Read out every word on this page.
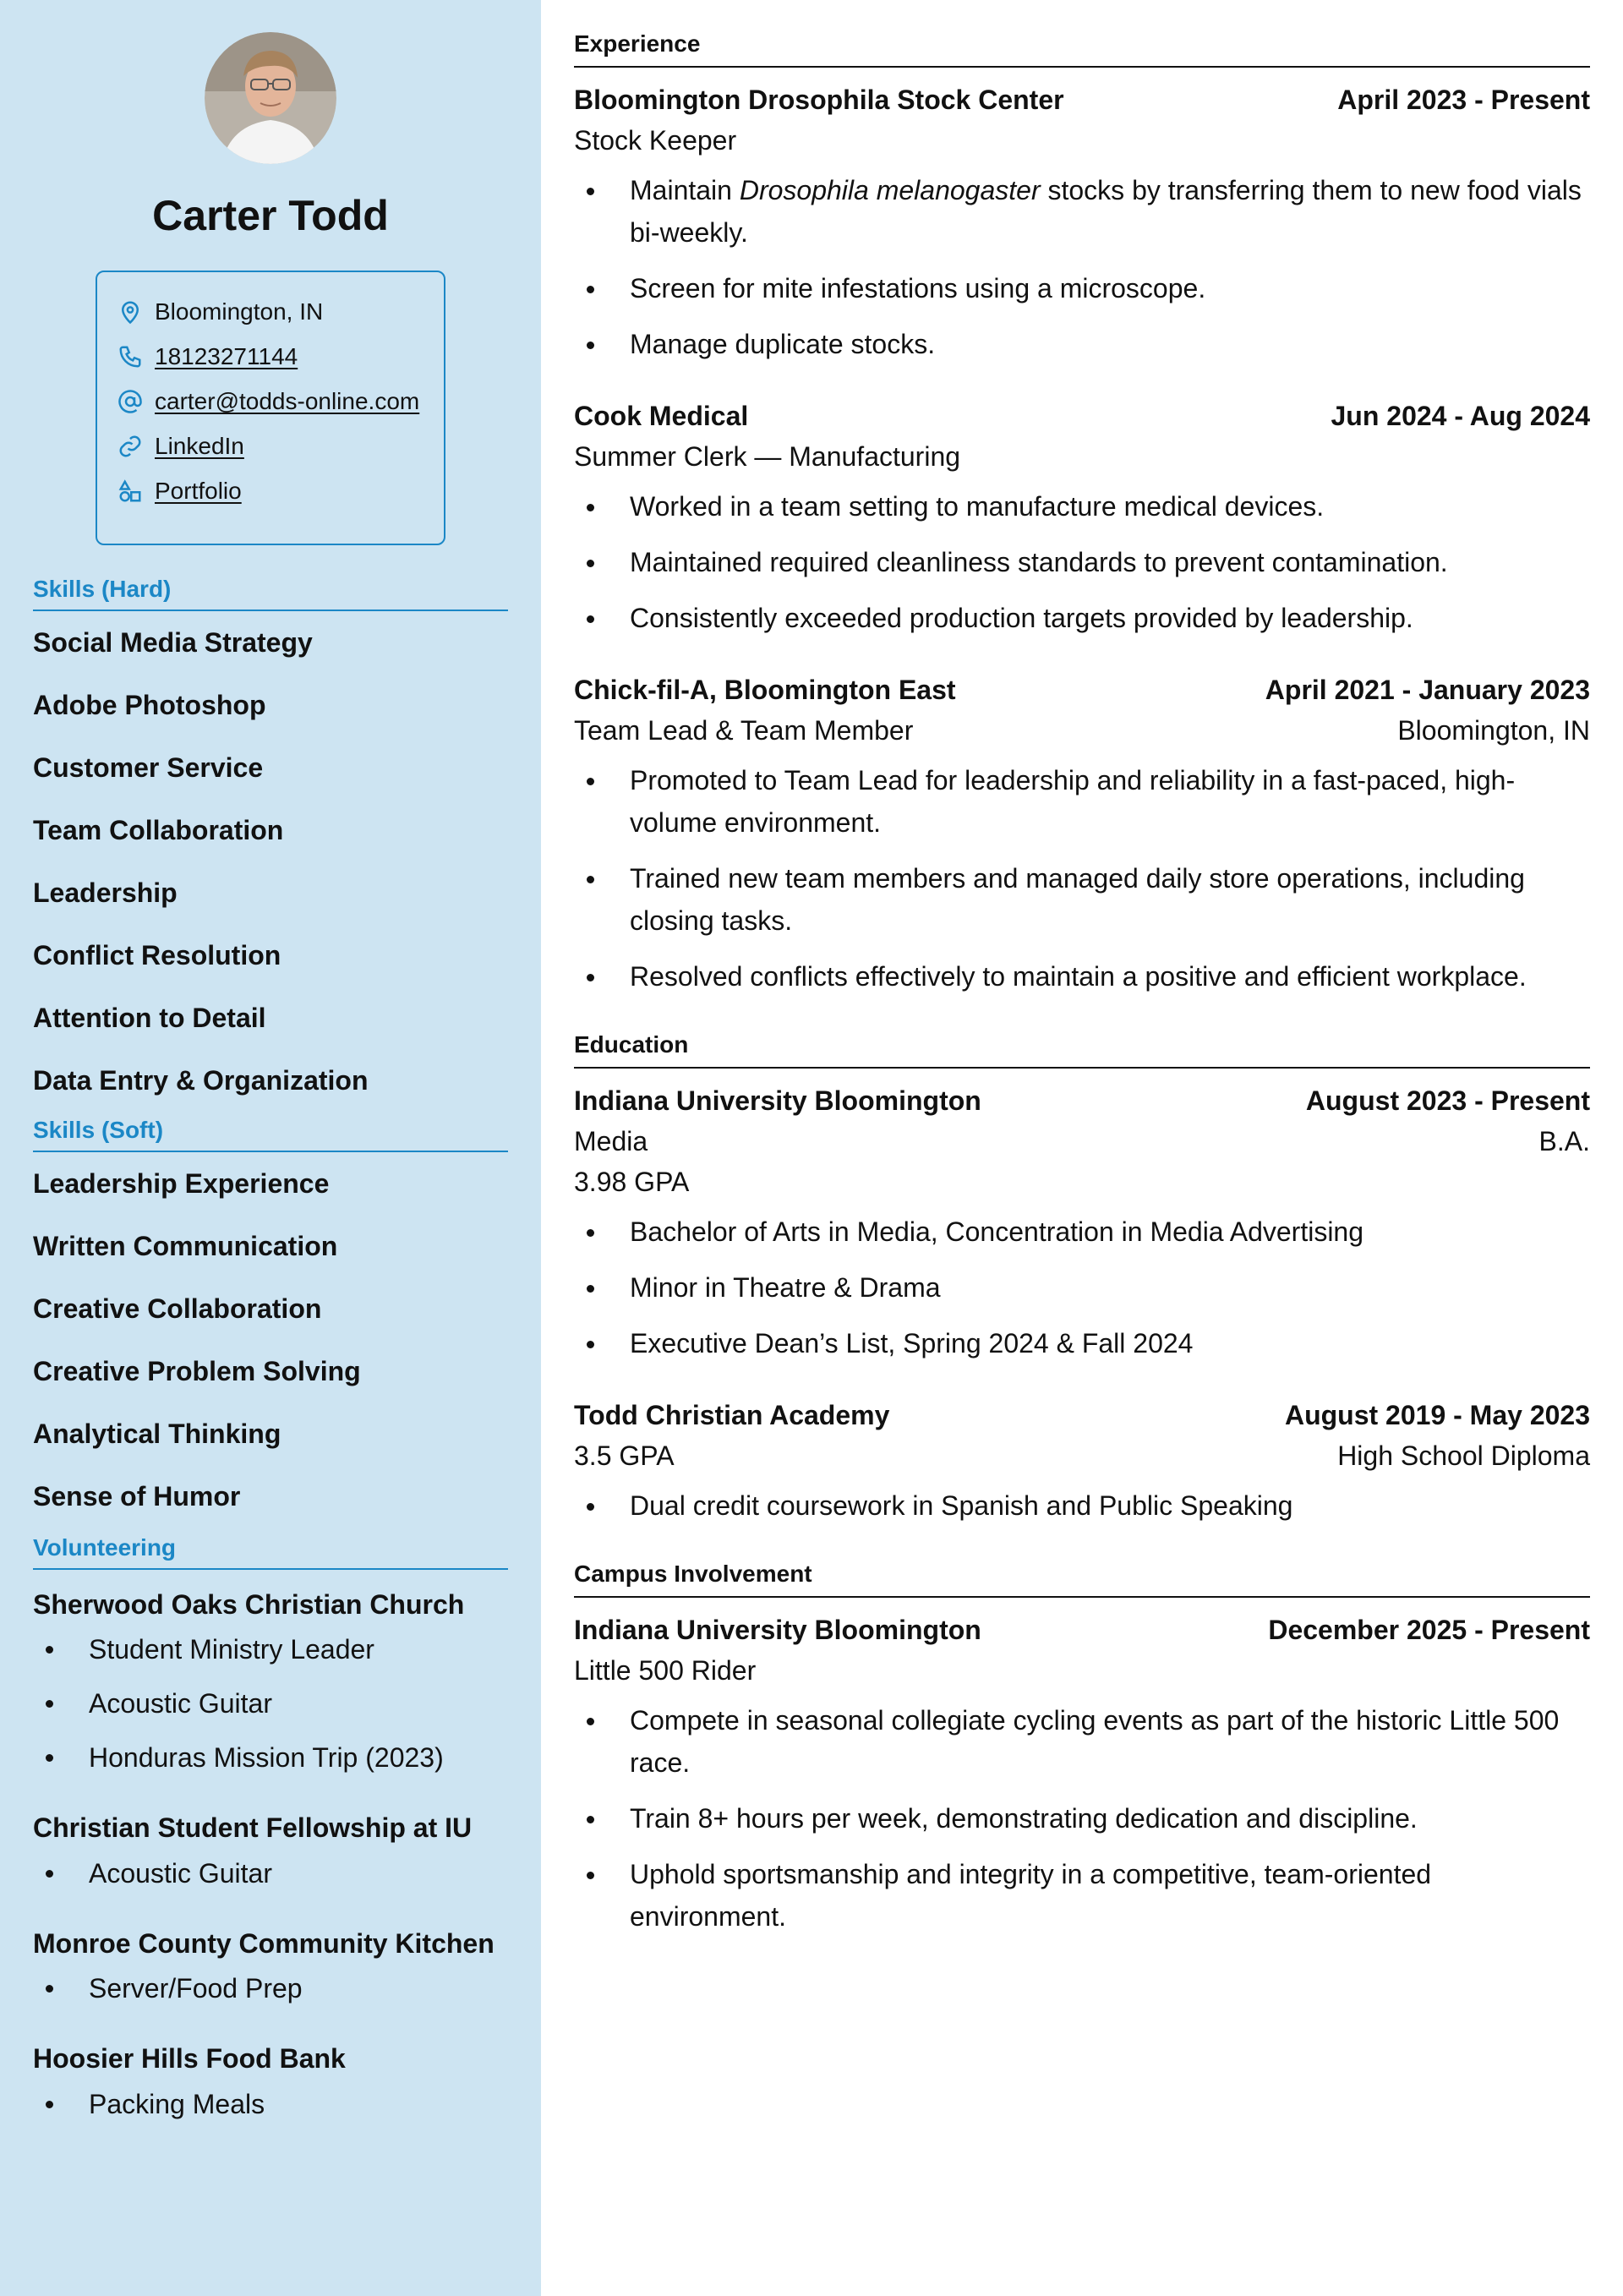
Carter Todd
Bloomington, IN
18123271144
carter@todds-online.com
LinkedIn
Portfolio
Skills (Hard)
Social Media Strategy
Adobe Photoshop
Customer Service
Team Collaboration
Leadership
Conflict Resolution
Attention to Detail
Data Entry & Organization
Skills (Soft)
Leadership Experience
Written Communication
Creative Collaboration
Creative Problem Solving
Analytical Thinking
Sense of Humor
Volunteering
Sherwood Oaks Christian Church
Student Ministry Leader
Acoustic Guitar
Honduras Mission Trip (2023)
Christian Student Fellowship at IU
Acoustic Guitar
Monroe County Community Kitchen
Server/Food Prep
Hoosier Hills Food Bank
Packing Meals
Experience
Bloomington Drosophila Stock Center	April 2023 - Present
Stock Keeper
Maintain Drosophila melanogaster stocks by transferring them to new food vials bi-weekly.
Screen for mite infestations using a microscope.
Manage duplicate stocks.
Cook Medical	Jun 2024 - Aug 2024
Summer Clerk — Manufacturing
Worked in a team setting to manufacture medical devices.
Maintained required cleanliness standards to prevent contamination.
Consistently exceeded production targets provided by leadership.
Chick-fil-A, Bloomington East	April 2021 - January 2023
Team Lead & Team Member	Bloomington, IN
Promoted to Team Lead for leadership and reliability in a fast-paced, high-volume environment.
Trained new team members and managed daily store operations, including closing tasks.
Resolved conflicts effectively to maintain a positive and efficient workplace.
Education
Indiana University Bloomington	August 2023 - Present
Media	B.A.
3.98 GPA
Bachelor of Arts in Media, Concentration in Media Advertising
Minor in Theatre & Drama
Executive Dean’s List, Spring 2024 & Fall 2024
Todd Christian Academy	August 2019 - May 2023
3.5 GPA	High School Diploma
Dual credit coursework in Spanish and Public Speaking
Campus Involvement
Indiana University Bloomington	December 2025 - Present
Little 500 Rider
Compete in seasonal collegiate cycling events as part of the historic Little 500 race.
Train 8+ hours per week, demonstrating dedication and discipline.
Uphold sportsmanship and integrity in a competitive, team-oriented environment.
